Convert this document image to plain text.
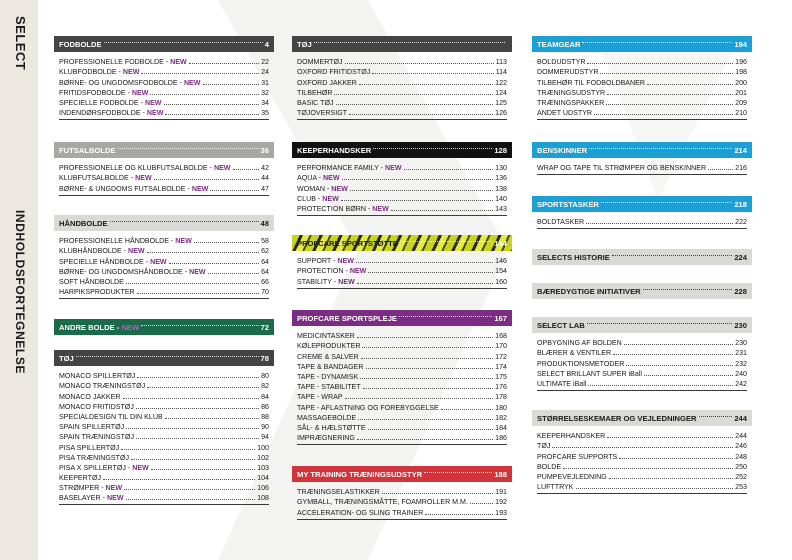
SELECT
INDHOLDSFORTEGNELSE
FODBOLDE	4
PROFESSIONELLE FODBOLDE - NEW	22
KLUBFODBOLDE - NEW	24
BØRNE- OG UNGDOMSFODBOLDE - NEW	31
FRITIDSFODBOLDE - NEW	32
SPECIELLE FODBOLDE - NEW	34
INDENDØRSFODBOLDE - NEW	35
FUTSALBOLDE	36
PROFESSIONELLE OG KLUBFUTSALBOLDE - NEW	42
KLUBFUTSALBOLDE - NEW	44
BØRNE- & UNGDOMS FUTSALBOLDE - NEW	47
HÅNDBOLDE	48
PROFESSIONELLE HÅNDBOLDE - NEW	58
KLUBHÅNDBOLDE - NEW	62
SPECIELLE HÅNDBOLDE - NEW	64
BØRNE- OG UNGDOMSHÅNDBOLDE - NEW	64
SOFT HÅNDBOLDE	66
HARPIKSPRODUKTER	70
ANDRE BOLDE - NEW	72
TØJ	78
MONACO SPILLERTØJ	80
MONACO TRÆNINGSTØJ	82
MONACO JAKKER	84
MONACO FRITIDSTØJ	86
SPECIALDESIGN TIL DIN KLUB	88
SPAIN SPILLERTØJ	90
SPAIN TRÆNINGSTØJ	94
PISA SPILLERTØJ	100
PISA TRÆNINGSTØJ	102
PISA X SPILLERTØJ - NEW	103
KEEPERTØJ	104
STRØMPER - NEW	106
BASELAYER - NEW	108
TØJ
DOMMERTØJ	113
OXFORD FRITIDSTØJ	114
OXFORD JAKKER	122
TILBEHØR	124
BASIC TØJ	125
TØJOVERSIGT	126
KEEPERHANDSKER	128
PERFORMANCE FAMILY - NEW	130
AQUA - NEW	136
WOMAN - NEW	138
CLUB - NEW	140
PROTECTION BØRN - NEW	143
PROFCARE SPORTSTØTTE	144
SUPPORT - NEW	146
PROTECTION - NEW	154
STABILITY - NEW	160
PROFCARE SPORTSPLEJE	167
MEDICINTASKER	168
KØLEPRODUKTER	170
CREME & SALVER	172
TAPE & BANDAGER	174
TAPE - DYNAMISK	175
TAPE - STABILITET	176
TAPE - WRAP	178
TAPE - AFLASTNING OG FOREBYGGELSE	180
MASSAGEBOLDE	182
SÅL- & HÆLSTØTTE	184
IMPRÆGNERING	186
MY TRAINING TRÆNINGSUDSTYR	188
TRÆNINGSELASTIKKER	191
GYMBALL, TRÆNINGSMÅTTE, FOAMROLLER M.M.	192
ACCELERATION- OG SLING TRAINER	193
TEAMGEAR	194
BOLDUDSTYR	196
DOMMERUDSTYR	198
TILBEHØR TIL FODBOLDBANER	200
TRÆNINGSUDSTYR	201
TRÆNINGSPAKKER	209
ANDET UDSTYR	210
BENSKINNER	214
WRAP OG TAPE TIL STRØMPER OG BENSKINNER	216
SPORTSTASKER	218
BOLDTASKER	222
SELECTS HISTORIE	224
BÆREDYGTIGE INITIATIVER	228
SELECT LAB	230
OPBYGNING AF BOLDEN	230
BLÆRER & VENTILER	231
PRODUKTIONSMETODER	232
SELECT BRILLANT SUPER iBall	240
ULTIMATE iBall	242
STØRRELSESKEMAER OG VEJLEDNINGER	244
KEEPERHANDSKER	244
TØJ	246
PROFCARE SUPPORTS	248
BOLDE	250
PUMPEVEJLEDNING	252
LUFTTRYK	253
